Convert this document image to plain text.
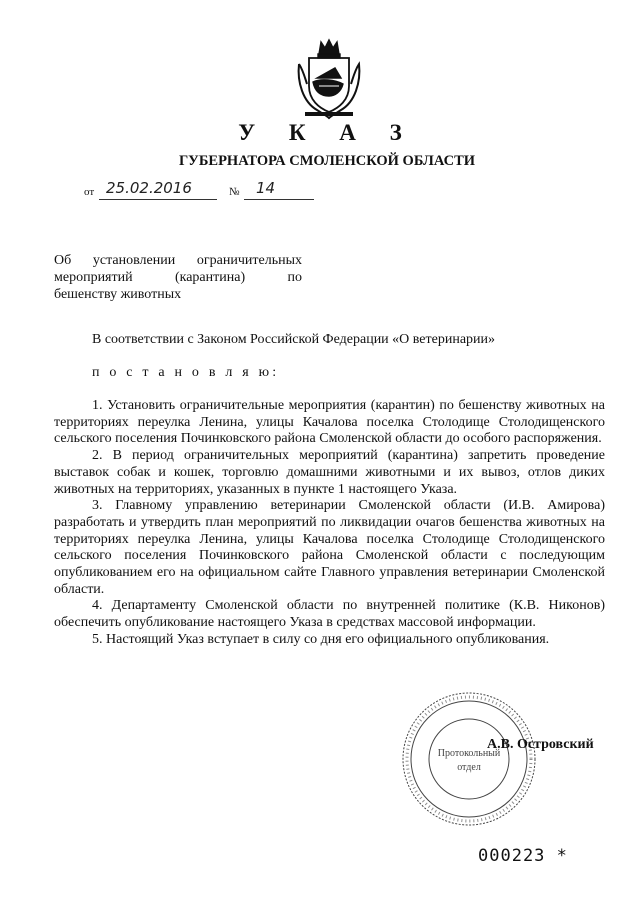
У К А З
ГУБЕРНАТОРА СМОЛЕНСКОЙ ОБЛАСТИ
от 25.02.2016	№ 14
Об установлении ограничительных
мероприятий	(карантина)	по
бешенству животных
В соответствии с Законом Российской Федерации «О ветеринарии»
п о с т а н о в л я ю:

1. Установить ограничительные мероприятия (карантин) по бешенству животных на территориях переулка Ленина, улицы Качалова поселка Столодище Столодищенского сельского поселения Починковского района Смоленской области до особого распоряжения.

2. В период ограничительных мероприятий (карантина) запретить проведение выставок собак и кошек, торговлю домашними животными и их вывоз, отлов диких животных на территориях, указанных в пункте 1 настоящего Указа.

3. Главному управлению ветеринарии Смоленской области (И.В. Амирова) разработать и утвердить план мероприятий по ликвидации очагов бешенства животных на территориях переулка Ленина, улицы Качалова поселка Столодище Столодищенского сельского поселения Починковского района Смоленской области с последующим опубликованием его на официальном сайте Главного управления ветеринарии Смоленской области.

4. Департаменту Смоленской области по внутренней политике (К.В. Никонов) обеспечить опубликование настоящего Указа в средствах массовой информации.

5. Настоящий Указ вступает в силу со дня его официального опубликования.

Протокольный
отдел
А.В. Островский
000223 *
